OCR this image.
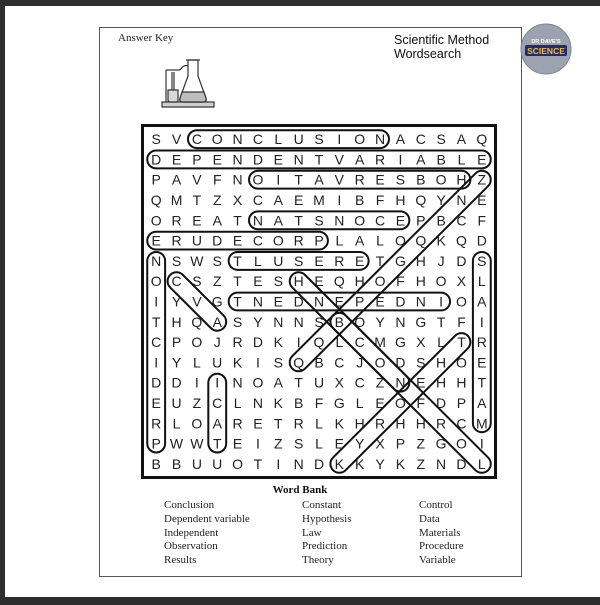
Answer Key	Scientific Method
Wordsearch
DR DAVE'S
SCIENCE
S V C O N C L U S I O N A C S A Q
D E P E N D E N T V A R I A B L E
P A V F N O I T A V R E S B O H Z
Q M T Z X C A E M I B F H Q Y N E
O R E A T N A T S N O C E P B C F
E R U D E C O R P L A L O Q K Q D
N S W S T L U S E R E T G H J D S
O C S Z T E S H E Q H O F H O X L
I Y V G T N E D N E P E D N I O A
T H Q A S Y N N S B O Y N G T F I
C P O J R D K I Q L C M G X L T R
I Y L U K I S Q B C J O D S H O E
D D I I N O A T U X C Z N E H H T
E U Z C L N K B F G L E O F D P A
R L O A R E T R L K H R H H R C M
P W W T E I Z S L E Y X P Z G O I
B B U U O T I N D K K Y K Z N D L
Word Bank
Conclusion
Dependent variable
Independent
Observation
Results
Constant
Hypothesis
Law
Prediction
Theory
Control
Data
Materials
Procedure
Variable
